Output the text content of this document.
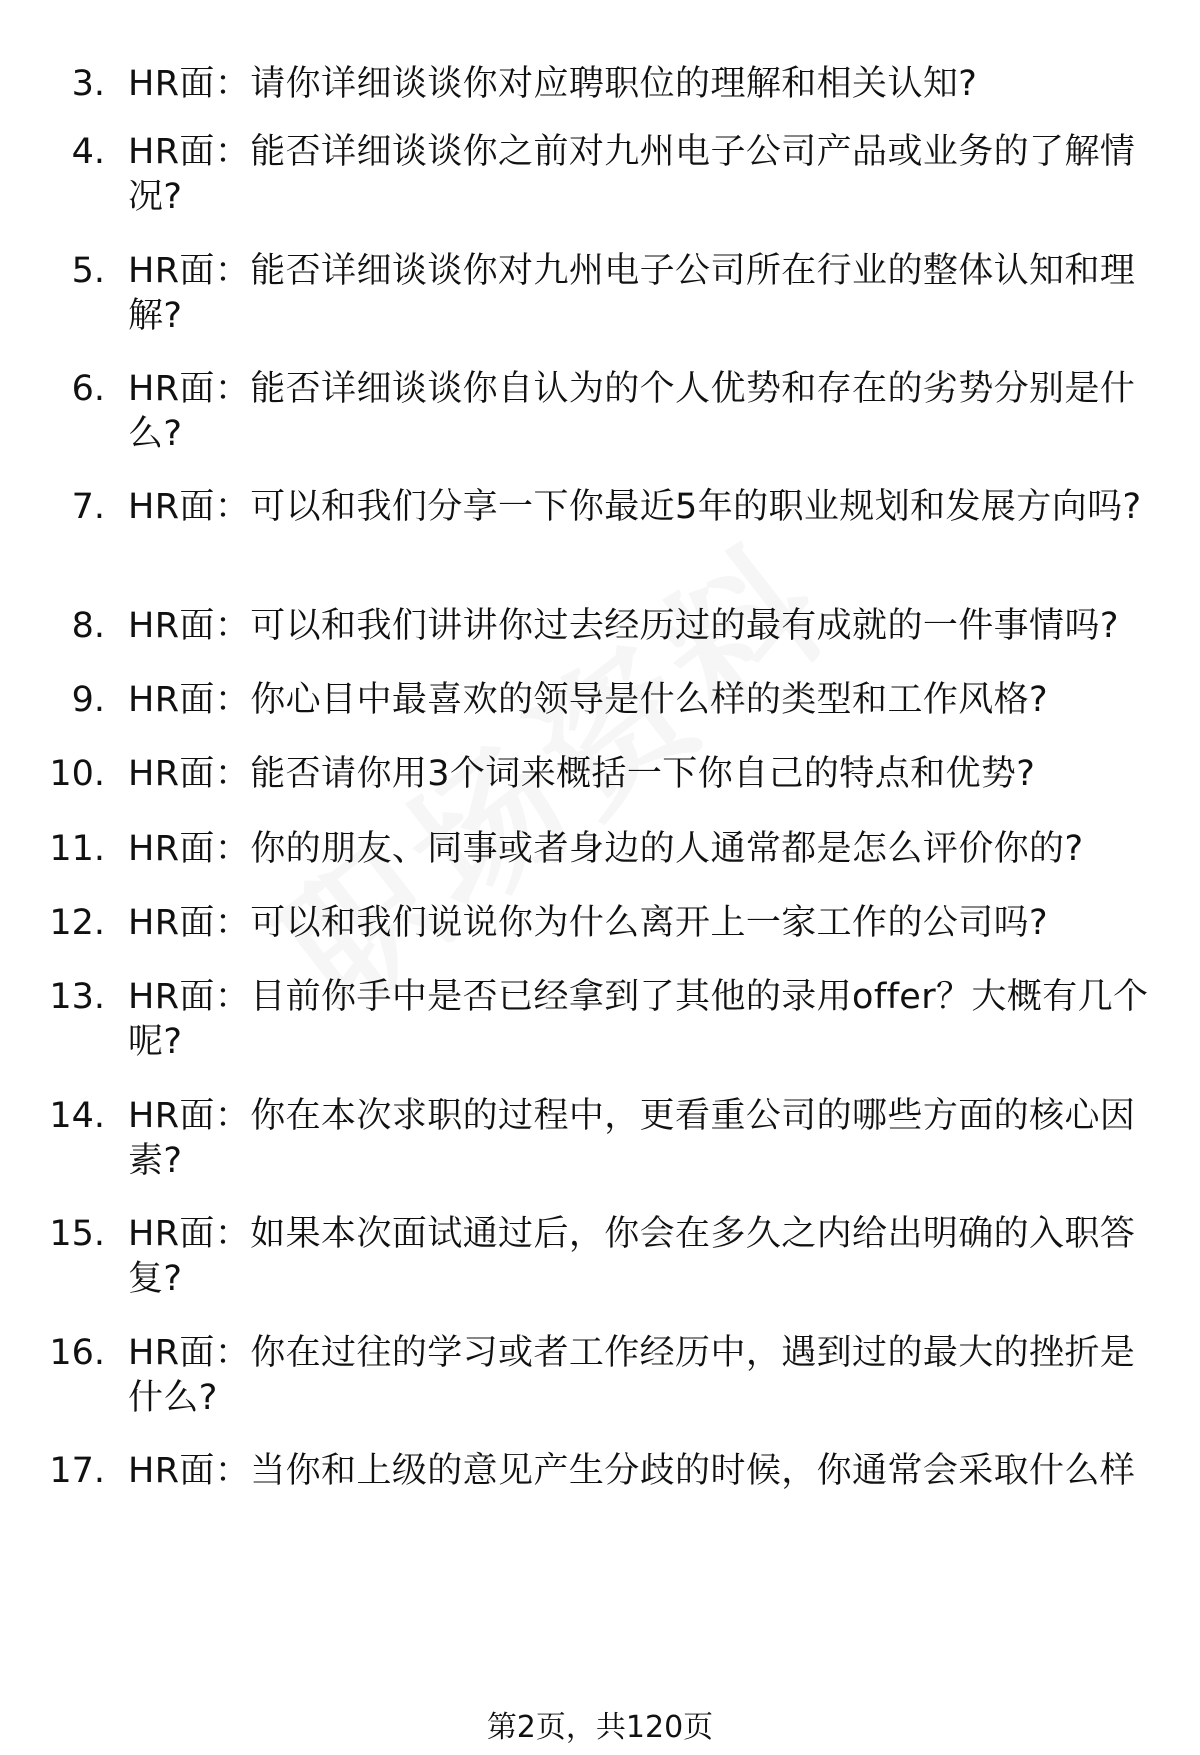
3. HR面：请你详细谈谈你对应聘职位的理解和相关认知?
4. HR面：能否详细谈谈你之前对九州电子公司产品或业务的了解情况?
5. HR面：能否详细谈谈你对九州电子公司所在行业的整体认知和理解?
6. HR面：能否详细谈谈你自认为的个人优势和存在的劣势分别是什么?
7. HR面：可以和我们分享一下你最近5年的职业规划和发展方向吗?
8. HR面：可以和我们讲讲你过去经历过的最有成就的一件事情吗?
9. HR面：你心目中最喜欢的领导是什么样的类型和工作风格?
10. HR面：能否请你用3个词来概括一下你自己的特点和优势?
11. HR面：你的朋友、同事或者身边的人通常都是怎么评价你的?
12. HR面：可以和我们说说你为什么离开上一家工作的公司吗?
13. HR面：目前你手中是否已经拿到了其他的录用offer？大概有几个呢?
14. HR面：你在本次求职的过程中，更看重公司的哪些方面的核心因素?
15. HR面：如果本次面试通过后，你会在多久之内给出明确的入职答复?
16. HR面：你在过往的学习或者工作经历中，遇到过的最大的挫折是什么?
17. HR面：当你和上级的意见产生分歧的时候，你通常会采取什么样
第2页，共120页
